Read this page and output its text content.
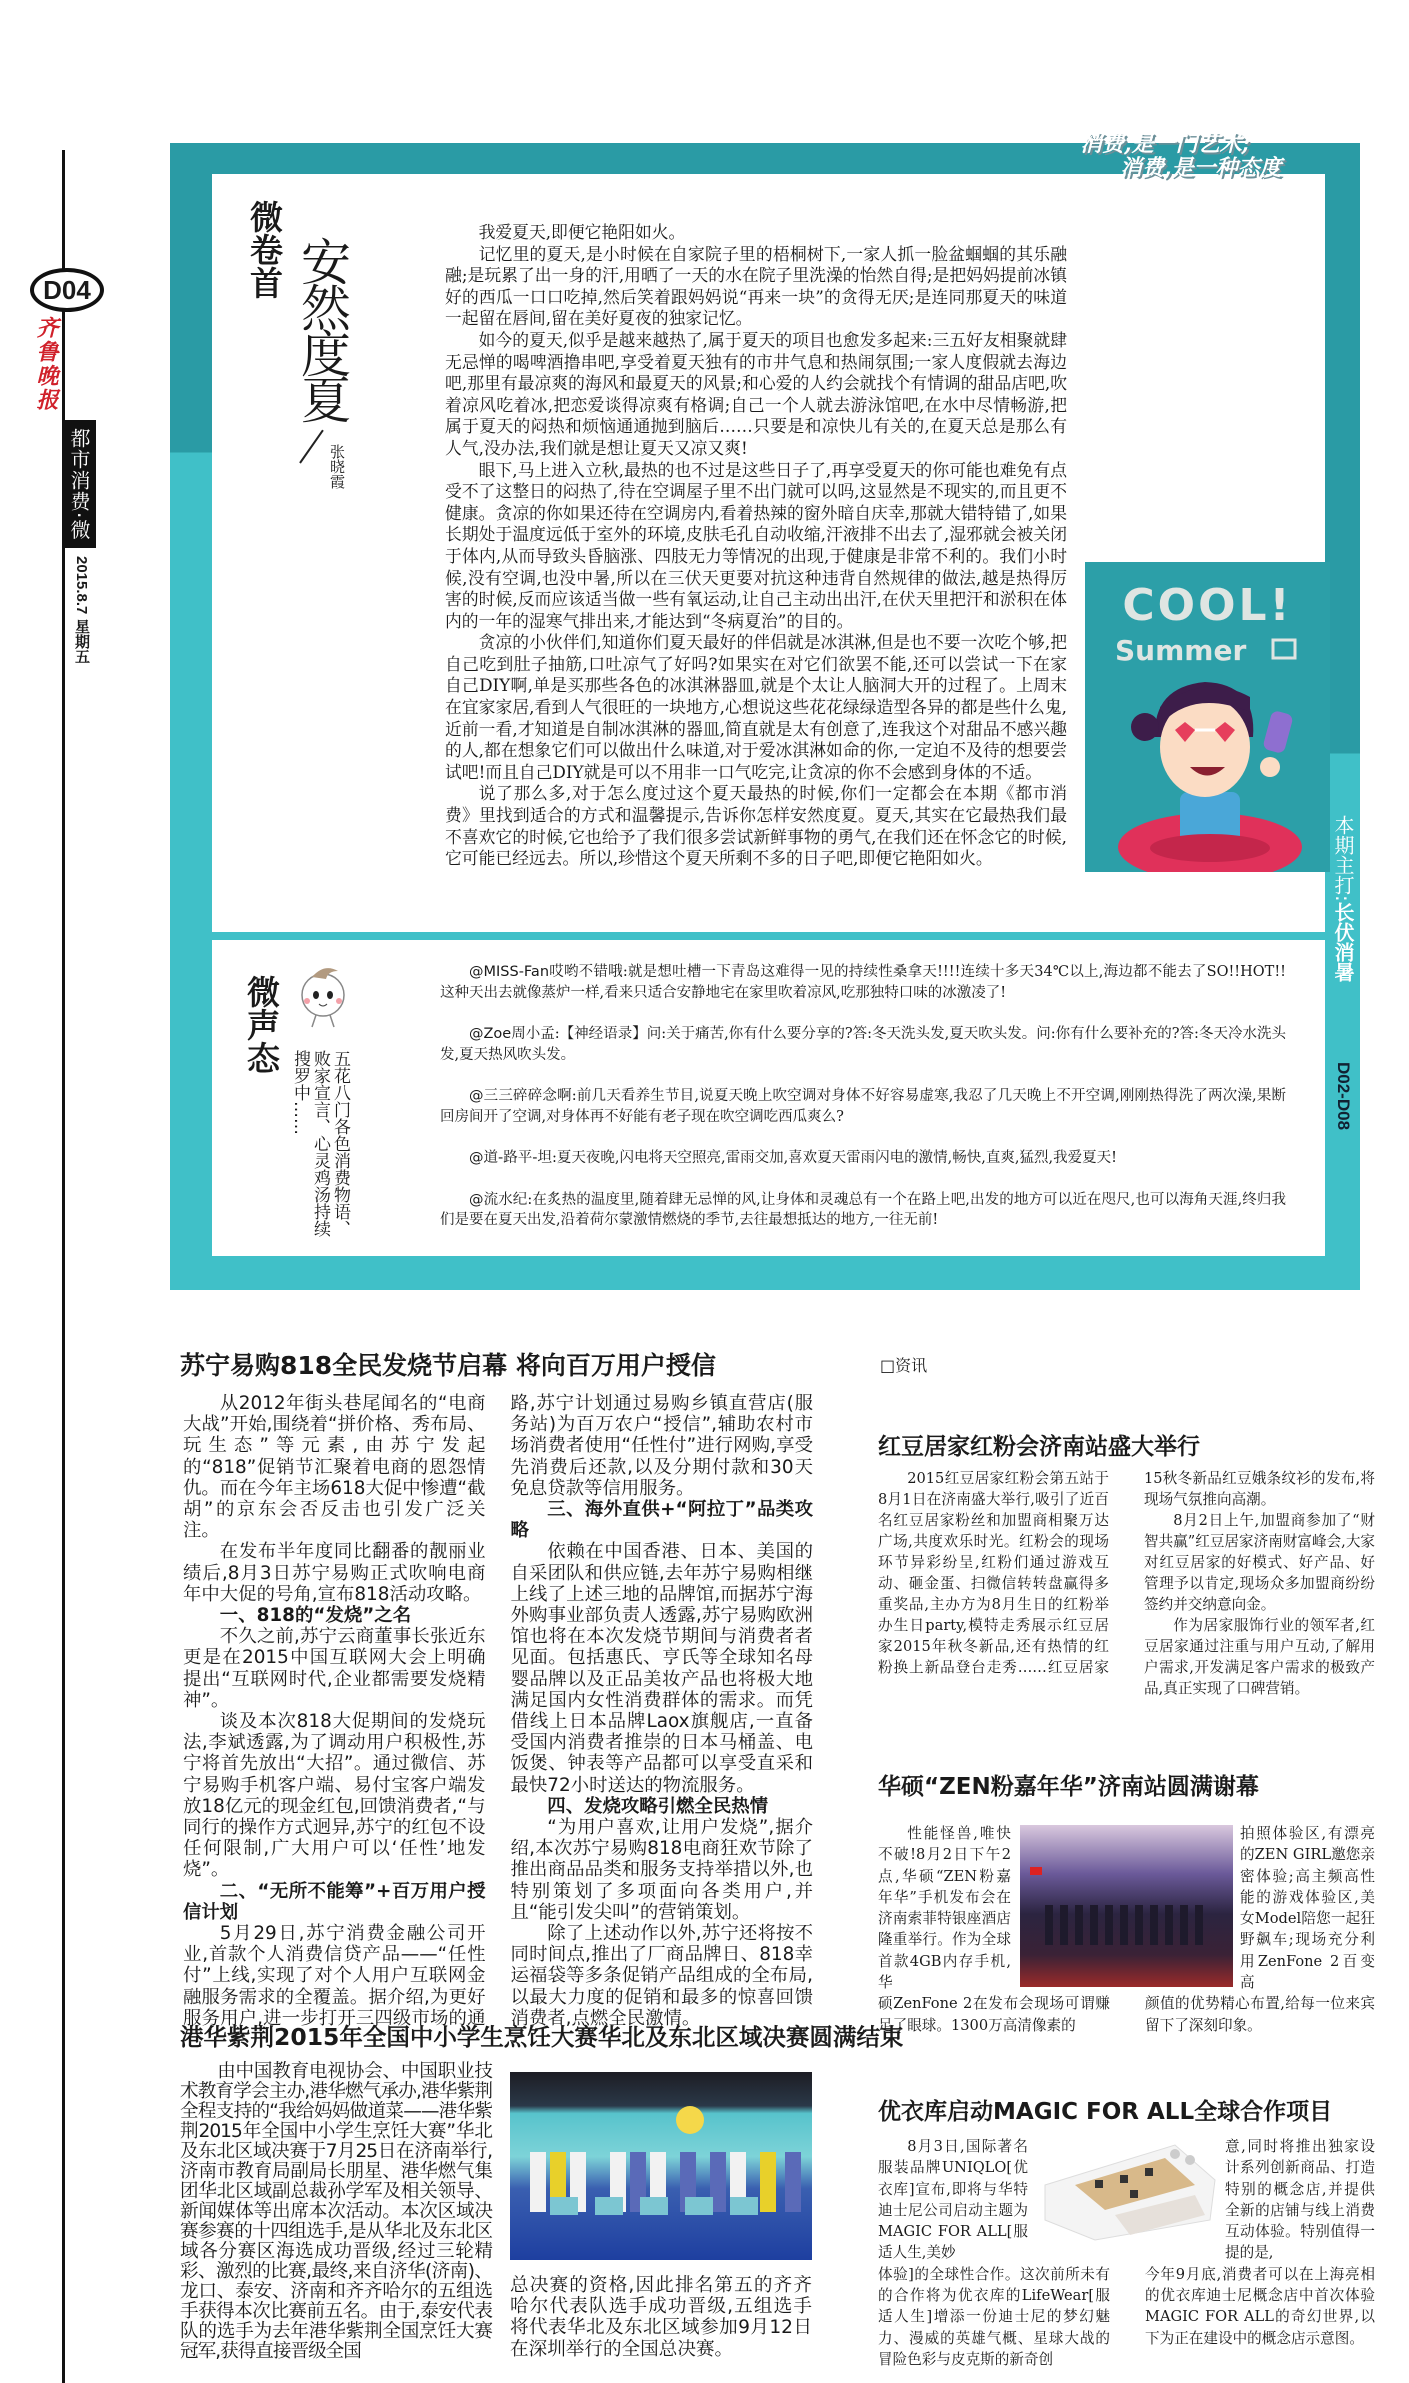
D04
齐鲁晚报
都市消费·微生活
2015.8.7 星期五
消费,是一门艺术;
消费,是一种态度
微卷首 安然度夏
张晓霞

我爱夏天,即便它艳阳如火。

记忆里的夏天,是小时候在自家院子里的梧桐树下,一家人抓一脸盆蝈蝈的其乐融融;是玩累了出一身的汗,用晒了一天的水在院子里洗澡的怡然自得;是把妈妈提前冰镇好的西瓜一口口吃掉,然后笑着跟妈妈说“再来一块”的贪得无厌;是连同那夏天的味道一起留在唇间,留在美好夏夜的独家记忆。

如今的夏天,似乎是越来越热了,属于夏天的项目也愈发多起来:三五好友相聚就肆无忌惮的喝啤酒撸串吧,享受着夏天独有的市井气息和热闹氛围;一家人度假就去海边吧,那里有最凉爽的海风和最夏天的风景;和心爱的人约会就找个有情调的甜品店吧,吹着凉风吃着冰,把恋爱谈得凉爽有格调;自己一个人就去游泳馆吧,在水中尽情畅游,把属于夏天的闷热和烦恼通通抛到脑后……只要是和凉快儿有关的,在夏天总是那么有人气,没办法,我们就是想让夏天又凉又爽!

眼下,马上进入立秋,最热的也不过是这些日子了,再享受夏天的你可能也难免有点受不了这整日的闷热了,待在空调屋子里不出门就可以吗,这显然是不现实的,而且更不健康。贪凉的你如果还待在空调房内,看着热辣的窗外暗自庆幸,那就大错特错了,如果长期处于温度远低于室外的环境,皮肤毛孔自动收缩,汗液排不出去了,湿邪就会被关闭于体内,从而导致头昏脑涨、四肢无力等情况的出现,于健康是非常不利的。我们小时候,没有空调,也没中暑,所以在三伏天更要对抗这种违背自然规律的做法,越是热得厉害的时候,反而应该适当做一些有氧运动,让自己主动出出汗,在伏天里把汗和淤积在体内的一年的湿寒气排出来,才能达到“冬病夏治”的目的。

贪凉的小伙伴们,知道你们夏天最好的伴侣就是冰淇淋,但是也不要一次吃个够,把自己吃到肚子抽筋,口吐凉气了好吗?如果实在对它们欲罢不能,还可以尝试一下在家自己DIY啊,单是买那些各色的冰淇淋器皿,就是个太让人脑洞大开的过程了。上周末在宜家家居,看到人气很旺的一块地方,心想说这些花花绿绿造型各异的都是些什么鬼,近前一看,才知道是自制冰淇淋的器皿,简直就是太有创意了,连我这个对甜品不感兴趣的人,都在想象它们可以做出什么味道,对于爱冰淇淋如命的你,一定迫不及待的想要尝试吧!而且自己DIY就是可以不用非一口气吃完,让贪凉的你不会感到身体的不适。

说了那么多,对于怎么度过这个夏天最热的时候,你们一定都会在本期《都市消费》里找到适合的方式和温馨提示,告诉你怎样安然度夏。夏天,其实在它最热我们最不喜欢它的时候,它也给予了我们很多尝试新鲜事物的勇气,在我们还在怀念它的时候,它可能已经远去。所以,珍惜这个夏天所剩不多的日子吧,即便它艳阳如火。

COOL!
Summer
本期主打:长伏消暑
D02-D08
微声态
五花八门各色消费物语、败家宣言、心灵鸡汤持续搜罗中……

@MISS-Fan哎哟不错哦:就是想吐槽一下青岛这难得一见的持续性桑拿天!!!!连续十多天34℃以上,海边都不能去了SO!!HOT!!这种天出去就像蒸炉一样,看来只适合安静地宅在家里吹着凉风,吃那独特口味的冰激凌了!

@Zoe周小孟:【神经语录】问:关于痛苦,你有什么要分享的?答:冬天洗头发,夏天吹头发。问:你有什么要补充的?答:冬天冷水洗头发,夏天热风吹头发。

@三三碎碎念啊:前几天看养生节目,说夏天晚上吹空调对身体不好容易虚寒,我忍了几天晚上不开空调,刚刚热得洗了两次澡,果断回房间开了空调,对身体再不好能有老子现在吹空调吃西瓜爽么?

@道-路平-坦:夏天夜晚,闪电将天空照亮,雷雨交加,喜欢夏天雷雨闪电的激情,畅快,直爽,猛烈,我爱夏天!

@流水纪:在炙热的温度里,随着肆无忌惮的风,让身体和灵魂总有一个在路上吧,出发的地方可以近在咫尺,也可以海角天涯,终归我们是要在夏天出发,沿着荷尔蒙激情燃烧的季节,去往最想抵达的地方,一往无前!

苏宁易购818全民发烧节启幕 将向百万用户授信

从2012年街头巷尾闻名的“电商大战”开始,围绕着“拼价格、秀布局、玩生态”等元素,由苏宁发起的“818”促销节汇聚着电商的恩怨情仇。而在今年主场618大促中惨遭“截胡”的京东会否反击也引发广泛关注。

在发布半年度同比翻番的靓丽业绩后,8月3日苏宁易购正式吹响电商年中大促的号角,宣布818活动攻略。

一、818的“发烧”之名

不久之前,苏宁云商董事长张近东更是在2015中国互联网大会上明确提出“互联网时代,企业都需要发烧精神”。

谈及本次818大促期间的发烧玩法,李斌透露,为了调动用户积极性,苏宁将首先放出“大招”。通过微信、苏宁易购手机客户端、易付宝客户端发放18亿元的现金红包,回馈消费者,“与同行的操作方式迥异,苏宁的红包不设任何限制,广大用户可以‘任性’地发烧”。

二、“无所不能筹”+百万用户授信计划

5月29日,苏宁消费金融公司开业,首款个人消费信贷产品——“任性付”上线,实现了对个人用户互联网金融服务需求的全覆盖。据介绍,为更好服务用户,进一步打开三四级市场的通路,苏宁计划通过易购乡镇直营店(服务站)为百万农户“授信”,辅助农村市场消费者使用“任性付”进行网购,享受先消费后还款,以及分期付款和30天免息贷款等信用服务。

三、海外直供+“阿拉丁”品类攻略

依赖在中国香港、日本、美国的自采团队和供应链,去年苏宁易购相继上线了上述三地的品牌馆,而据苏宁海外购事业部负责人透露,苏宁易购欧洲馆也将在本次发烧节期间与消费者者见面。包括惠氏、亨氏等全球知名母婴品牌以及正品美妆产品也将极大地满足国内女性消费群体的需求。而凭借线上日本品牌Laox旗舰店,一直备受国内消费者推崇的日本马桶盖、电饭煲、钟表等产品都可以享受直采和最快72小时送达的物流服务。

四、发烧攻略引燃全民热情

“为用户喜欢,让用户发烧”,据介绍,本次苏宁易购818电商狂欢节除了推出商品品类和服务支持举措以外,也特别策划了多项面向各类用户,并且“能引发尖叫”的营销策划。

除了上述动作以外,苏宁还将按不同时间点,推出了厂商品牌日、818幸运福袋等多条促销产品组成的全布局,以最大力度的促销和最多的惊喜回馈消费者,点燃全民激情。

港华紫荆2015年全国中小学生烹饪大赛华北及东北区域决赛圆满结束
由中国教育电视协会、中国职业技术教育学会主办,港华燃气承办,港华紫荆全程支持的“我给妈妈做道菜——港华紫荆2015年全国中小学生烹饪大赛”华北及东北区域决赛于7月25日在济南举行,济南市教育局副局长朋星、港华燃气集团华北区域副总裁孙学军及相关领导、新闻媒体等出席本次活动。本次区域决赛参赛的十四组选手,是从华北及东北区域各分赛区海选成功晋级,经过三轮精彩、激烈的比赛,最终,来自济华(济南)、龙口、泰安、济南和齐齐哈尔的五组选手获得本次比赛前五名。由于,泰安代表队的选手为去年港华紫荆全国烹饪大赛冠军,获得直接晋级全国
总决赛的资格,因此排名第五的齐齐哈尔代表队选手成功晋级,五组选手将代表华北及东北区域参加9月12日在深圳举行的全国总决赛。
□资讯
红豆居家红粉会济南站盛大举行

2015红豆居家红粉会第五站于8月1日在济南盛大举行,吸引了近百名红豆居家粉丝和加盟商相聚万达广场,共度欢乐时光。红粉会的现场环节异彩纷呈,红粉们通过游戏互动、砸金蛋、扫微信转转盘赢得多重奖品,主办方为8月生日的红粉举办生日party,模特走秀展示红豆居家2015年秋冬新品,还有热情的红粉换上新品登台走秀……红豆居家15秋冬新品红豆娥条纹衫的发布,将现场气氛推向高潮。

8月2日上午,加盟商参加了“财智共赢”红豆居家济南财富峰会,大家对红豆居家的好模式、好产品、好管理予以肯定,现场众多加盟商纷纷签约并交纳意向金。

作为居家服饰行业的领军者,红豆居家通过注重与用户互动,了解用户需求,开发满足客户需求的极致产品,真正实现了口碑营销。

华硕“ZEN粉嘉年华”济南站圆满谢幕
性能怪兽,唯快不破!8月2日下午2点,华硕“ZEN粉嘉年华”手机发布会在济南索菲特银座酒店隆重举行。作为全球首款4GB内存手机,华
硕ZenFone 2在发布会现场可谓赚足了眼球。1300万高清像素的
拍照体验区,有漂亮的ZEN GIRL邀您亲密体验;高主频高性能的游戏体验区,美女Model陪您一起狂野飙车;现场充分利用ZenFone 2百变高
颜值的优势精心布置,给每一位来宾留下了深刻印象。
优衣库启动MAGIC FOR ALL全球合作项目
8月3日,国际著名服装品牌UNIQLO[优衣库]宣布,即将与华特迪士尼公司启动主题为MAGIC FOR ALL[服适人生,美妙
体验]的全球性合作。这次前所未有的合作将为优衣库的LifeWear[服适人生]增添一份迪士尼的梦幻魅力、漫威的英雄气概、星球大战的冒险色彩与皮克斯的新奇创
意,同时将推出独家设计系列创新商品、打造特别的概念店,并提供全新的店铺与线上消费互动体验。特别值得一提的是,
今年9月底,消费者可以在上海亮相的优衣库迪士尼概念店中首次体验MAGIC FOR ALL的奇幻世界,以下为正在建设中的概念店示意图。
